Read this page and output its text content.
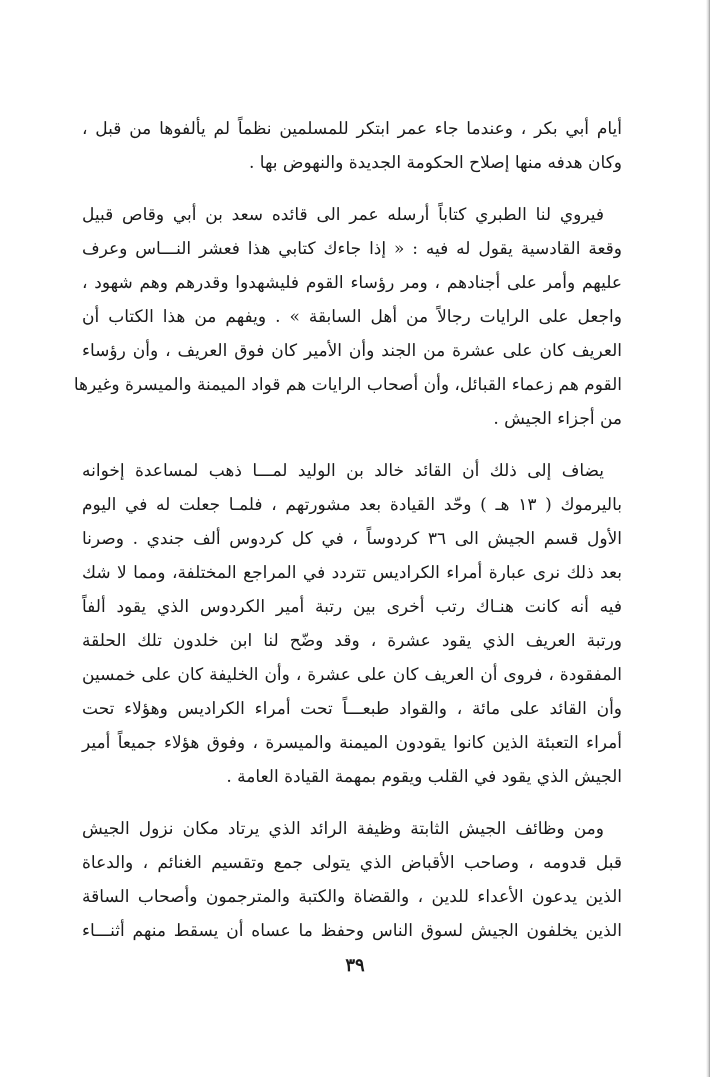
أيام أبي بكر ، وعندما جاء عمر ابتكر للمسلمين نظماً لم يألفوها من قبل ،
وكان هدفه منها إصلاح الحكومة الجديدة والنهوض بها .

فيروي لنا الطبري كتاباً أرسله عمر الى قائده سعد بن أبي وقاص قبيل
وقعة القادسية يقول له فيه : « إذا جاءك كتابي هذا فعشر النـــاس وعرف
عليهم وأمر على أجنادهم ، ومر رؤساء القوم فليشهدوا وقدرهم وهم شهود ،
واجعل على الرايات رجالاً من أهل السابقة » . ويفهم من هذا الكتاب أن
العريف كان على عشرة من الجند وأن الأمير كان فوق العريف ، وأن رؤساء
القوم هم زعماء القبائل، وأن أصحاب الرايات هم قواد الميمنة والميسرة وغيرها
من أجزاء الجيش .

يضاف إلى ذلك أن القائد خالد بن الوليد لمـــا ذهب لمساعدة إخوانه
باليرموك ( ١٣ هـ ) وحّد القيادة بعد مشورتهم ، فلمـا جعلت له في اليوم
الأول قسم الجيش الى ٣٦ كردوساً ، في كل كردوس ألف جندي . وصرنا
بعد ذلك نرى عبارة أمراء الكراديس تتردد في المراجع المختلفة، ومما لا شك
فيه أنه كانت هنـاك رتب أخرى بين رتبة أمير الكردوس الذي يقود ألفاً
ورتبة العريف الذي يقود عشرة ، وقد وضّح لنا ابن خلدون تلك الحلقة
المفقودة ، فروى أن العريف كان على عشرة ، وأن الخليفة كان على خمسين
وأن القائد على مائة ، والقواد طبعـــاً تحت أمراء الكراديس وهؤلاء تحت
أمراء التعبئة الذين كانوا يقودون الميمنة والميسرة ، وفوق هؤلاء جميعاً أمير
الجيش الذي يقود في القلب ويقوم بمهمة القيادة العامة .

ومن وظائف الجيش الثابتة وظيفة الرائد الذي يرتاد مكان نزول الجيش
قبل قدومه ، وصاحب الأقباض الذي يتولى جمع وتقسيم الغنائم ، والدعاة
الذين يدعون الأعداء للدين ، والقضاة والكتبة والمترجمون وأصحاب الساقة
الذين يخلفون الجيش لسوق الناس وحفظ ما عساه أن يسقط منهم أثنـــاء

٣٩
